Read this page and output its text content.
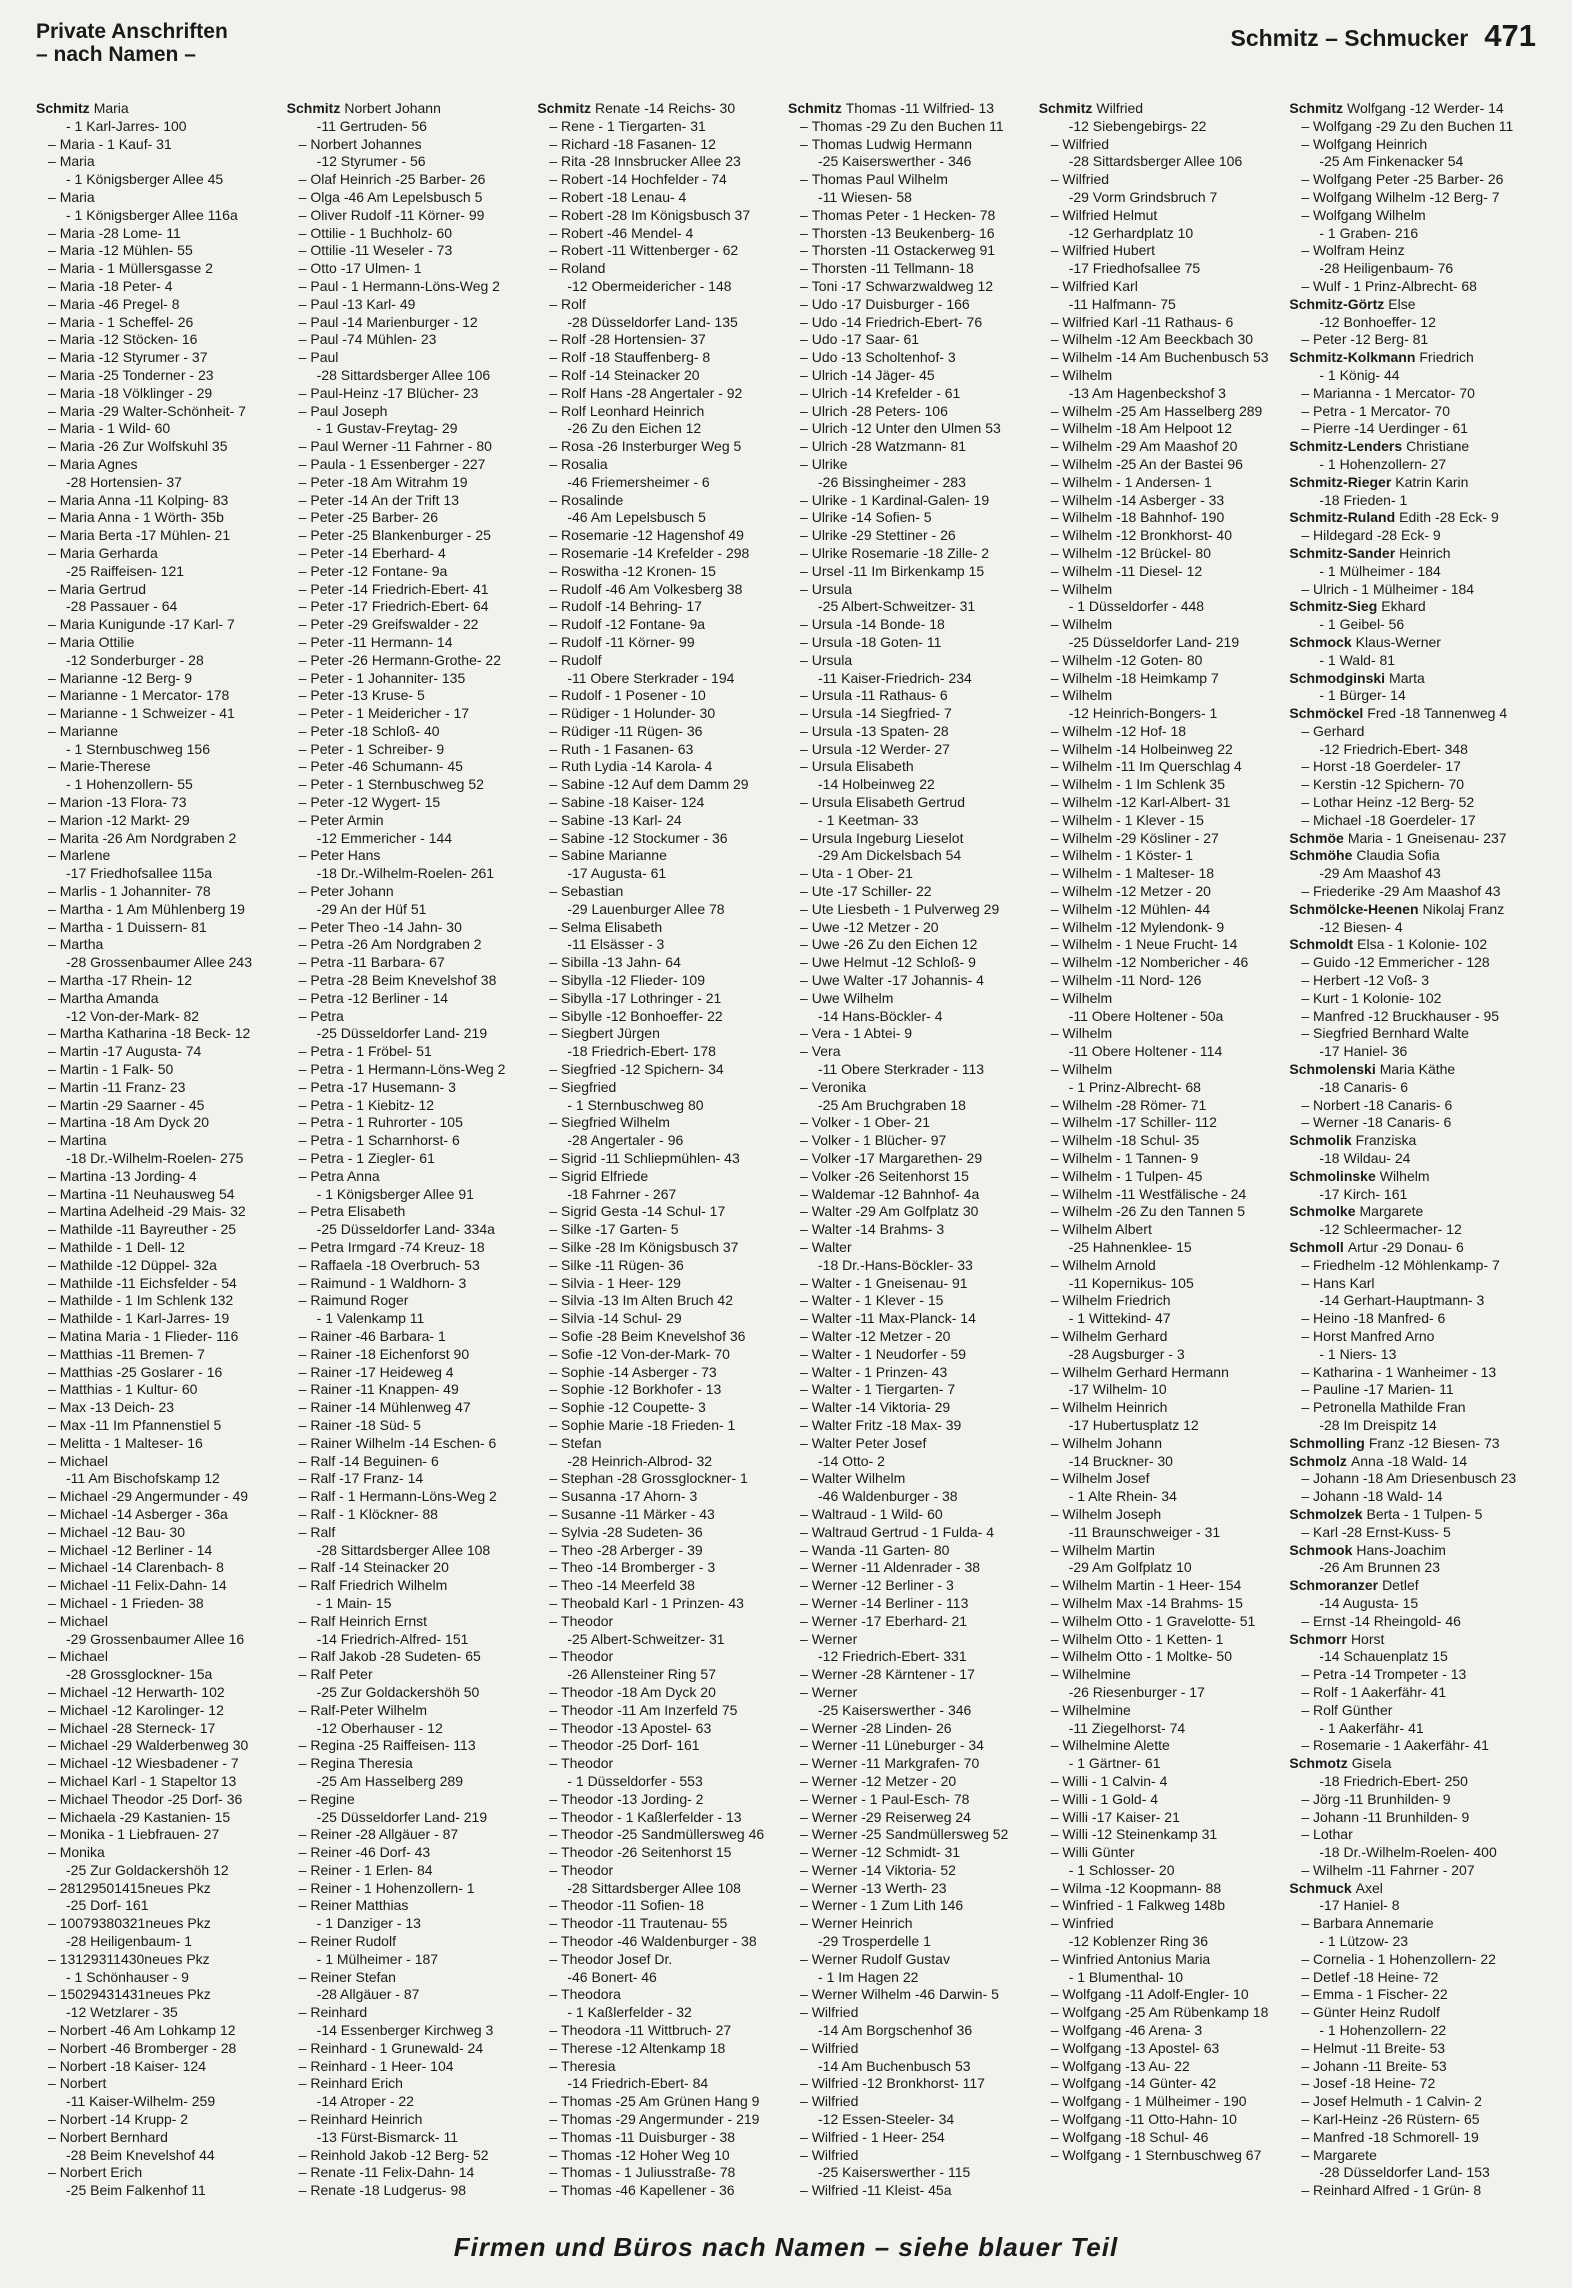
Private Anschriften
– nach Namen –
Schmitz – Schmucker 471
Schmitz Maria
- 1 Karl-Jarres- 100
– Maria - 1 Kauf- 31
– Maria
- 1 Königsberger Allee 45
– Maria
- 1 Königsberger Allee 116a
– Maria -28 Lome- 11
– Maria -12 Mühlen- 55
– Maria - 1 Müllersgasse 2
– Maria -18 Peter- 4
– Maria -46 Pregel- 8
– Maria - 1 Scheffel- 26
– Maria -12 Stöcken- 16
– Maria -12 Styrumer - 37
– Maria -25 Tonderner - 23
– Maria -18 Völklinger - 29
– Maria -29 Walter-Schönheit- 7
– Maria - 1 Wild- 60
– Maria -26 Zur Wolfskuhl 35
– Maria Agnes
-28 Hortensien- 37
– Maria Anna -11 Kolping- 83
– Maria Anna - 1 Wörth- 35b
– Maria Berta -17 Mühlen- 21
– Maria Gerharda
-25 Raiffeisen- 121
– Maria Gertrud
-28 Passauer - 64
– Maria Kunigunde -17 Karl- 7
– Maria Ottilie
-12 Sonderburger - 28
– Marianne -12 Berg- 9
– Marianne - 1 Mercator- 178
– Marianne - 1 Schweizer - 41
– Marianne
- 1 Sternbuschweg 156
– Marie-Therese
- 1 Hohenzollern- 55
– Marion -13 Flora- 73
– Marion -12 Markt- 29
– Marita -26 Am Nordgraben 2
– Marlene
-17 Friedhofsallee 115a
– Marlis - 1 Johanniter- 78
– Martha - 1 Am Mühlenberg 19
– Martha - 1 Duissern- 81
– Martha
-28 Grossenbaumer Allee 243
– Martha -17 Rhein- 12
– Martha Amanda
-12 Von-der-Mark- 82
– Martha Katharina -18 Beck- 12
– Martin -17 Augusta- 74
– Martin - 1 Falk- 50
– Martin -11 Franz- 23
– Martin -29 Saarner - 45
– Martina -18 Am Dyck 20
– Martina
-18 Dr.-Wilhelm-Roelen- 275
– Martina -13 Jording- 4
– Martina -11 Neuhausweg 54
– Martina Adelheid -29 Mais- 32
– Mathilde -11 Bayreuther - 25
– Mathilde - 1 Dell- 12
– Mathilde -12 Düppel- 32a
– Mathilde -11 Eichsfelder - 54
– Mathilde - 1 Im Schlenk 132
– Mathilde - 1 Karl-Jarres- 19
– Matina Maria - 1 Flieder- 116
– Matthias -11 Bremen- 7
– Matthias -25 Goslarer - 16
– Matthias - 1 Kultur- 60
– Max -13 Deich- 23
– Max -11 Im Pfannenstiel 5
– Melitta - 1 Malteser- 16
– Michael
-11 Am Bischofskamp 12
– Michael -29 Angermunder - 49
– Michael -14 Asberger - 36a
– Michael -12 Bau- 30
– Michael -12 Berliner - 14
– Michael -14 Clarenbach- 8
– Michael -11 Felix-Dahn- 14
– Michael - 1 Frieden- 38
– Michael
-29 Grossenbaumer Allee 16
– Michael
-28 Grossglockner- 15a
– Michael -12 Herwarth- 102
– Michael -12 Karolinger- 12
– Michael -28 Sterneck- 17
– Michael -29 Walderbenweg 30
– Michael -12 Wiesbadener - 7
– Michael Karl - 1 Stapeltor 13
– Michael Theodor -25 Dorf- 36
– Michaela -29 Kastanien- 15
– Monika - 1 Liebfrauen- 27
– Monika
-25 Zur Goldackershöh 12
– 28129501415neues Pkz
-25 Dorf- 161
– 10079380321neues Pkz
-28 Heiligenbaum- 1
– 13129311430neues Pkz
- 1 Schönhauser - 9
– 15029431431neues Pkz
-12 Wetzlarer - 35
– Norbert -46 Am Lohkamp 12
– Norbert -46 Bromberger - 28
– Norbert -18 Kaiser- 124
– Norbert
-11 Kaiser-Wilhelm- 259
– Norbert -14 Krupp- 2
– Norbert Bernhard
-28 Beim Knevelshof 44
– Norbert Erich
-25 Beim Falkenhof 11
–
Schmitz Norbert Johann
-11 Gertruden- 56
– Norbert Johannes
-12 Styrumer - 56
– Olaf Heinrich -25 Barber- 26
– Olga -46 Am Lepelsbusch 5
– Oliver Rudolf -11 Körner- 99
– Ottilie - 1 Buchholz- 60
– Ottilie -11 Weseler - 73
– Otto -17 Ulmen- 1
– Paul - 1 Hermann-Löns-Weg 2
– Paul -13 Karl- 49
– Paul -14 Marienburger - 12
– Paul -74 Mühlen- 23
– Paul
-28 Sittardsberger Allee 106
– Paul-Heinz -17 Blücher- 23
– Paul Joseph
- 1 Gustav-Freytag- 29
– Paul Werner -11 Fahrner - 80
– Paula - 1 Essenberger - 227
– Peter -18 Am Witrahm 19
– Peter -14 An der Trift 13
– Peter -25 Barber- 26
– Peter -25 Blankenburger - 25
– Peter -14 Eberhard- 4
– Peter -12 Fontane- 9a
– Peter -14 Friedrich-Ebert- 41
– Peter -17 Friedrich-Ebert- 64
– Peter -29 Greifswalder - 22
– Peter -11 Hermann- 14
– Peter -26 Hermann-Grothe- 22
– Peter - 1 Johanniter- 135
– Peter -13 Kruse- 5
– Peter - 1 Meidericher - 17
– Peter -18 Schloß- 40
– Peter - 1 Schreiber- 9
– Peter -46 Schumann- 45
– Peter - 1 Sternbuschweg 52
– Peter -12 Wygert- 15
– Peter Armin
-12 Emmericher - 144
– Peter Hans
-18 Dr.-Wilhelm-Roelen- 261
– Peter Johann
-29 An der Hüf 51
– Peter Theo -14 Jahn- 30
– Petra -26 Am Nordgraben 2
– Petra -11 Barbara- 67
– Petra -28 Beim Knevelshof 38
– Petra -12 Berliner - 14
– Petra
-25 Düsseldorfer Land- 219
– Petra - 1 Fröbel- 51
– Petra - 1 Hermann-Löns-Weg 2
– Petra -17 Husemann- 3
– Petra - 1 Kiebitz- 12
– Petra - 1 Ruhrorter - 105
– Petra - 1 Scharnhorst- 6
– Petra - 1 Ziegler- 61
– Petra Anna
- 1 Königsberger Allee 91
– Petra Elisabeth
-25 Düsseldorfer Land- 334a
– Petra Irmgard -74 Kreuz- 18
– Raffaela -18 Overbruch- 53
– Raimund - 1 Waldhorn- 3
– Raimund Roger
- 1 Valenkamp 11
– Rainer -46 Barbara- 1
– Rainer -18 Eichenforst 90
– Rainer -17 Heideweg 4
– Rainer -11 Knappen- 49
– Rainer -14 Mühlenweg 47
– Rainer -18 Süd- 5
– Rainer Wilhelm -14 Eschen- 6
– Ralf -14 Beguinen- 6
– Ralf -17 Franz- 14
– Ralf - 1 Hermann-Löns-Weg 2
– Ralf - 1 Klöckner- 88
– Ralf
-28 Sittardsberger Allee 108
– Ralf -14 Steinacker 20
– Ralf Friedrich Wilhelm
- 1 Main- 15
– Ralf Heinrich Ernst
-14 Friedrich-Alfred- 151
– Ralf Jakob -28 Sudeten- 65
– Ralf Peter
-25 Zur Goldackershöh 50
– Ralf-Peter Wilhelm
-12 Oberhauser - 12
– Regina -25 Raiffeisen- 113
– Regina Theresia
-25 Am Hasselberg 289
– Regine
-25 Düsseldorfer Land- 219
– Reiner -28 Allgäuer - 87
– Reiner -46 Dorf- 43
– Reiner - 1 Erlen- 84
– Reiner - 1 Hohenzollern- 1
– Reiner Matthias
- 1 Danziger - 13
– Reiner Rudolf
- 1 Mülheimer - 187
– Reiner Stefan
-28 Allgäuer - 87
– Reinhard
-14 Essenberger Kirchweg 3
– Reinhard - 1 Grunewald- 24
– Reinhard - 1 Heer- 104
– Reinhard Erich
-14 Atroper - 22
– Reinhard Heinrich
-13 Fürst-Bismarck- 11
– Reinhold Jakob -12 Berg- 52
– Renate -11 Felix-Dahn- 14
– Renate -18 Ludgerus- 98
–
Schmitz Renate -14 Reichs- 30
– Rene - 1 Tiergarten- 31
– Richard -18 Fasanen- 12
– Rita -28 Innsbrucker Allee 23
– Robert -14 Hochfelder - 74
– Robert -18 Lenau- 4
– Robert -28 Im Königsbusch 37
– Robert -46 Mendel- 4
– Robert -11 Wittenberger - 62
– Roland
-12 Obermeidericher - 148
– Rolf
-28 Düsseldorfer Land- 135
– Rolf -28 Hortensien- 37
– Rolf -18 Stauffenberg- 8
– Rolf -14 Steinacker 20
– Rolf Hans -28 Angertaler - 92
– Rolf Leonhard Heinrich
-26 Zu den Eichen 12
– Rosa -26 Insterburger Weg 5
– Rosalia
-46 Friemersheimer - 6
– Rosalinde
-46 Am Lepelsbusch 5
– Rosemarie -12 Hagenshof 49
– Rosemarie -14 Krefelder - 298
– Roswitha -12 Kronen- 15
– Rudolf -46 Am Volkesberg 38
– Rudolf -14 Behring- 17
– Rudolf -12 Fontane- 9a
– Rudolf -11 Körner- 99
– Rudolf
-11 Obere Sterkrader - 194
– Rudolf - 1 Posener - 10
– Rüdiger - 1 Holunder- 30
– Rüdiger -11 Rügen- 36
– Ruth - 1 Fasanen- 63
– Ruth Lydia -14 Karola- 4
– Sabine -12 Auf dem Damm 29
– Sabine -18 Kaiser- 124
– Sabine -13 Karl- 24
– Sabine -12 Stockumer - 36
– Sabine Marianne
-17 Augusta- 61
– Sebastian
-29 Lauenburger Allee 78
– Selma Elisabeth
-11 Elsässer - 3
– Sibilla -13 Jahn- 64
– Sibylla -12 Flieder- 109
– Sibylla -17 Lothringer - 21
– Sibylle -12 Bonhoeffer- 22
– Siegbert Jürgen
-18 Friedrich-Ebert- 178
– Siegfried -12 Spichern- 34
– Siegfried
- 1 Sternbuschweg 80
– Siegfried Wilhelm
-28 Angertaler - 96
– Sigrid -11 Schliepmühlen- 43
– Sigrid Elfriede
-18 Fahrner - 267
– Sigrid Gesta -14 Schul- 17
– Silke -17 Garten- 5
– Silke -28 Im Königsbusch 37
– Silke -11 Rügen- 36
– Silvia - 1 Heer- 129
– Silvia -13 Im Alten Bruch 42
– Silvia -14 Schul- 29
– Sofie -28 Beim Knevelshof 36
– Sofie -12 Von-der-Mark- 70
– Sophie -14 Asberger - 73
– Sophie -12 Borkhofer - 13
– Sophie -12 Coupette- 3
– Sophie Marie -18 Frieden- 1
– Stefan
-28 Heinrich-Albrod- 32
– Stephan -28 Grossglockner- 1
– Susanna -17 Ahorn- 3
– Susanne -11 Märker - 43
– Sylvia -28 Sudeten- 36
– Theo -28 Arberger - 39
– Theo -14 Bromberger - 3
– Theo -14 Meerfeld 38
– Theobald Karl - 1 Prinzen- 43
– Theodor
-25 Albert-Schweitzer- 31
– Theodor
-26 Allensteiner Ring 57
– Theodor -18 Am Dyck 20
– Theodor -11 Am Inzerfeld 75
– Theodor -13 Apostel- 63
– Theodor -25 Dorf- 161
– Theodor
- 1 Düsseldorfer - 553
– Theodor -13 Jording- 2
– Theodor - 1 Kaßlerfelder - 13
– Theodor -25 Sandmüllersweg 46
– Theodor -26 Seitenhorst 15
– Theodor
-28 Sittardsberger Allee 108
– Theodor -11 Sofien- 18
– Theodor -11 Trautenau- 55
– Theodor -46 Waldenburger - 38
– Theodor Josef Dr.
-46 Bonert- 46
– Theodora
- 1 Kaßlerfelder - 32
– Theodora -11 Wittbruch- 27
– Therese -12 Altenkamp 18
– Theresia
-14 Friedrich-Ebert- 84
– Thomas -25 Am Grünen Hang 9
– Thomas -29 Angermunder - 219
– Thomas -11 Duisburger - 38
– Thomas -12 Hoher Weg 10
– Thomas - 1 Juliusstraße- 78
– Thomas -46 Kapellener - 36
–
Schmitz Thomas -11 Wilfried- 13
– Thomas -29 Zu den Buchen 11
– Thomas Ludwig Hermann
-25 Kaiserswerther - 346
– Thomas Paul Wilhelm
-11 Wiesen- 58
– Thomas Peter - 1 Hecken- 78
– Thorsten -13 Beukenberg- 16
– Thorsten -11 Ostackerweg 91
– Thorsten -11 Tellmann- 18
– Toni -17 Schwarzwaldweg 12
– Udo -17 Duisburger - 166
– Udo -14 Friedrich-Ebert- 76
– Udo -17 Saar- 61
– Udo -13 Scholtenhof- 3
– Ulrich -14 Jäger- 45
– Ulrich -14 Krefelder - 61
– Ulrich -28 Peters- 106
– Ulrich -12 Unter den Ulmen 53
– Ulrich -28 Watzmann- 81
– Ulrike
-26 Bissingheimer - 283
– Ulrike - 1 Kardinal-Galen- 19
– Ulrike -14 Sofien- 5
– Ulrike -29 Stettiner - 26
– Ulrike Rosemarie -18 Zille- 2
– Ursel -11 Im Birkenkamp 15
– Ursula
-25 Albert-Schweitzer- 31
– Ursula -14 Bonde- 18
– Ursula -18 Goten- 11
– Ursula
-11 Kaiser-Friedrich- 234
– Ursula -11 Rathaus- 6
– Ursula -14 Siegfried- 7
– Ursula -13 Spaten- 28
– Ursula -12 Werder- 27
– Ursula Elisabeth
-14 Holbeinweg 22
– Ursula Elisabeth Gertrud
- 1 Keetman- 33
– Ursula Ingeburg Lieselot
-29 Am Dickelsbach 54
– Uta - 1 Ober- 21
– Ute -17 Schiller- 22
– Ute Liesbeth - 1 Pulverweg 29
– Uwe -12 Metzer - 20
– Uwe -26 Zu den Eichen 12
– Uwe Helmut -12 Schloß- 9
– Uwe Walter -17 Johannis- 4
– Uwe Wilhelm
-14 Hans-Böckler- 4
– Vera - 1 Abtei- 9
– Vera
-11 Obere Sterkrader - 113
– Veronika
-25 Am Bruchgraben 18
– Volker - 1 Ober- 21
– Volker - 1 Blücher- 97
– Volker -17 Margarethen- 29
– Volker -26 Seitenhorst 15
– Waldemar -12 Bahnhof- 4a
– Walter -29 Am Golfplatz 30
– Walter -14 Brahms- 3
– Walter
-18 Dr.-Hans-Böckler- 33
– Walter - 1 Gneisenau- 91
– Walter - 1 Klever - 15
– Walter -11 Max-Planck- 14
– Walter -12 Metzer - 20
– Walter - 1 Neudorfer - 59
– Walter - 1 Prinzen- 43
– Walter - 1 Tiergarten- 7
– Walter -14 Viktoria- 29
– Walter Fritz -18 Max- 39
– Walter Peter Josef
-14 Otto- 2
– Walter Wilhelm
-46 Waldenburger - 38
– Waltraud - 1 Wild- 60
– Waltraud Gertrud - 1 Fulda- 4
– Wanda -11 Garten- 80
– Werner -11 Aldenrader - 38
– Werner -12 Berliner - 3
– Werner -14 Berliner - 113
– Werner -17 Eberhard- 21
– Werner
-12 Friedrich-Ebert- 331
– Werner -28 Kärntener - 17
– Werner
-25 Kaiserswerther - 346
– Werner -28 Linden- 26
– Werner -11 Lüneburger - 34
– Werner -11 Markgrafen- 70
– Werner -12 Metzer - 20
– Werner - 1 Paul-Esch- 78
– Werner -29 Reiserweg 24
– Werner -25 Sandmüllersweg 52
– Werner -12 Schmidt- 31
– Werner -14 Viktoria- 52
– Werner -13 Werth- 23
– Werner - 1 Zum Lith 146
– Werner Heinrich
-29 Trosperdelle 1
– Werner Rudolf Gustav
- 1 Im Hagen 22
– Werner Wilhelm -46 Darwin- 5
– Wilfried
-14 Am Borgschenhof 36
– Wilfried
-14 Am Buchenbusch 53
– Wilfried -12 Bronkhorst- 117
– Wilfried
-12 Essen-Steeler- 34
– Wilfried - 1 Heer- 254
– Wilfried
-25 Kaiserswerther - 115
– Wilfried -11 Kleist- 45a
–
Schmitz Wilfried
-12 Siebengebirgs- 22
– Wilfried
-28 Sittardsberger Allee 106
– Wilfried
-29 Vorm Grindsbruch 7
– Wilfried Helmut
-12 Gerhardplatz 10
– Wilfried Hubert
-17 Friedhofsallee 75
– Wilfried Karl
-11 Halfmann- 75
– Wilfried Karl -11 Rathaus- 6
– Wilhelm -12 Am Beeckbach 30
– Wilhelm -14 Am Buchenbusch 53
– Wilhelm
-13 Am Hagenbeckshof 3
– Wilhelm -25 Am Hasselberg 289
– Wilhelm -18 Am Helpoot 12
– Wilhelm -29 Am Maashof 20
– Wilhelm -25 An der Bastei 96
– Wilhelm - 1 Andersen- 1
– Wilhelm -14 Asberger - 33
– Wilhelm -18 Bahnhof- 190
– Wilhelm -12 Bronkhorst- 40
– Wilhelm -12 Brückel- 80
– Wilhelm -11 Diesel- 12
– Wilhelm
- 1 Düsseldorfer - 448
– Wilhelm
-25 Düsseldorfer Land- 219
– Wilhelm -12 Goten- 80
– Wilhelm -18 Heimkamp 7
– Wilhelm
-12 Heinrich-Bongers- 1
– Wilhelm -12 Hof- 18
– Wilhelm -14 Holbeinweg 22
– Wilhelm -11 Im Querschlag 4
– Wilhelm - 1 Im Schlenk 35
– Wilhelm -12 Karl-Albert- 31
– Wilhelm - 1 Klever - 15
– Wilhelm -29 Kösliner - 27
– Wilhelm - 1 Köster- 1
– Wilhelm - 1 Malteser- 18
– Wilhelm -12 Metzer - 20
– Wilhelm -12 Mühlen- 44
– Wilhelm -12 Mylendonk- 9
– Wilhelm - 1 Neue Frucht- 14
– Wilhelm -12 Nombericher - 46
– Wilhelm -11 Nord- 126
– Wilhelm
-11 Obere Holtener - 50a
– Wilhelm
-11 Obere Holtener - 114
– Wilhelm
- 1 Prinz-Albrecht- 68
– Wilhelm -28 Römer- 71
– Wilhelm -17 Schiller- 112
– Wilhelm -18 Schul- 35
– Wilhelm - 1 Tannen- 9
– Wilhelm - 1 Tulpen- 45
– Wilhelm -11 Westfälische - 24
– Wilhelm -26 Zu den Tannen 5
– Wilhelm Albert
-25 Hahnenklee- 15
– Wilhelm Arnold
-11 Kopernikus- 105
– Wilhelm Friedrich
- 1 Wittekind- 47
– Wilhelm Gerhard
-28 Augsburger - 3
– Wilhelm Gerhard Hermann
-17 Wilhelm- 10
– Wilhelm Heinrich
-17 Hubertusplatz 12
– Wilhelm Johann
-14 Bruckner- 30
– Wilhelm Josef
- 1 Alte Rhein- 34
– Wilhelm Joseph
-11 Braunschweiger - 31
– Wilhelm Martin
-29 Am Golfplatz 10
– Wilhelm Martin - 1 Heer- 154
– Wilhelm Max -14 Brahms- 15
– Wilhelm Otto - 1 Gravelotte- 51
– Wilhelm Otto - 1 Ketten- 1
– Wilhelm Otto - 1 Moltke- 50
– Wilhelmine
-26 Riesenburger - 17
– Wilhelmine
-11 Ziegelhorst- 74
– Wilhelmine Alette
- 1 Gärtner- 61
– Willi - 1 Calvin- 4
– Willi - 1 Gold- 4
– Willi -17 Kaiser- 21
– Willi -12 Steinenkamp 31
– Willi Günter
- 1 Schlosser- 20
– Wilma -12 Koopmann- 88
– Winfried - 1 Falkweg 148b
– Winfried
-12 Koblenzer Ring 36
– Winfried Antonius Maria
- 1 Blumenthal- 10
– Wolfgang -11 Adolf-Engler- 10
– Wolfgang -25 Am Rübenkamp 18
– Wolfgang -46 Arena- 3
– Wolfgang -13 Apostel- 63
– Wolfgang -13 Au- 22
– Wolfgang -14 Günter- 42
– Wolfgang - 1 Mülheimer - 190
– Wolfgang -11 Otto-Hahn- 10
– Wolfgang -18 Schul- 46
– Wolfgang - 1 Sternbuschweg 67
Schmitz Wolfgang -12 Werder- 14
– Wolfgang -29 Zu den Buchen 11
– Wolfgang Heinrich
-25 Am Finkenacker 54
– Wolfgang Peter -25 Barber- 26
– Wolfgang Wilhelm -12 Berg- 7
– Wolfgang Wilhelm
- 1 Graben- 216
– Wolfram Heinz
-28 Heiligenbaum- 76
– Wulf - 1 Prinz-Albrecht- 68
Schmitz-Görtz Else
-12 Bonhoeffer- 12
– Peter -12 Berg- 81
Schmitz-Kolkmann Friedrich
- 1 König- 44
– Marianna - 1 Mercator- 70
– Petra - 1 Mercator- 70
– Pierre -14 Uerdinger - 61
Schmitz-Lenders Christiane
- 1 Hohenzollern- 27
Schmitz-Rieger Katrin Karin
-18 Frieden- 1
Schmitz-Ruland Edith -28 Eck- 9
– Hildegard -28 Eck- 9
Schmitz-Sander Heinrich
- 1 Mülheimer - 184
– Ulrich - 1 Mülheimer - 184
Schmitz-Sieg Ekhard
- 1 Geibel- 56
Schmock Klaus-Werner
- 1 Wald- 81
Schmodginski Marta
- 1 Bürger- 14
Schmöckel Fred -18 Tannenweg 4
– Gerhard
-12 Friedrich-Ebert- 348
– Horst -18 Goerdeler- 17
– Kerstin -12 Spichern- 70
– Lothar Heinz -12 Berg- 52
– Michael -18 Goerdeler- 17
Schmöe Maria - 1 Gneisenau- 237
Schmöhe Claudia Sofia
-29 Am Maashof 43
– Friederike -29 Am Maashof 43
Schmölcke-Heenen Nikolaj Franz
-12 Biesen- 4
Schmoldt Elsa - 1 Kolonie- 102
– Guido -12 Emmericher - 128
– Herbert -12 Voß- 3
– Kurt - 1 Kolonie- 102
– Manfred -12 Bruckhauser - 95
– Siegfried Bernhard Walte
-17 Haniel- 36
Schmolenski Maria Käthe
-18 Canaris- 6
– Norbert -18 Canaris- 6
– Werner -18 Canaris- 6
Schmolik Franziska
-18 Wildau- 24
Schmolinske Wilhelm
-17 Kirch- 161
Schmolke Margarete
-12 Schleermacher- 12
Schmoll Artur -29 Donau- 6
– Friedhelm -12 Möhlenkamp- 7
– Hans Karl
-14 Gerhart-Hauptmann- 3
– Heino -18 Manfred- 6
– Horst Manfred Arno
- 1 Niers- 13
– Katharina - 1 Wanheimer - 13
– Pauline -17 Marien- 11
– Petronella Mathilde Fran
-28 Im Dreispitz 14
Schmolling Franz -12 Biesen- 73
Schmolz Anna -18 Wald- 14
– Johann -18 Am Driesenbusch 23
– Johann -18 Wald- 14
Schmolzek Berta - 1 Tulpen- 5
– Karl -28 Ernst-Kuss- 5
Schmook Hans-Joachim
-26 Am Brunnen 23
Schmoranzer Detlef
-14 Augusta- 15
– Ernst -14 Rheingold- 46
Schmorr Horst
-14 Schauenplatz 15
– Petra -14 Trompeter - 13
– Rolf - 1 Aakerfähr- 41
– Rolf Günther
- 1 Aakerfähr- 41
– Rosemarie - 1 Aakerfähr- 41
Schmotz Gisela
-18 Friedrich-Ebert- 250
– Jörg -11 Brunhilden- 9
– Johann -11 Brunhilden- 9
– Lothar
-18 Dr.-Wilhelm-Roelen- 400
– Wilhelm -11 Fahrner - 207
Schmuck Axel
-17 Haniel- 8
– Barbara Annemarie
- 1 Lützow- 23
– Cornelia - 1 Hohenzollern- 22
– Detlef -18 Heine- 72
– Emma - 1 Fischer- 22
– Günter Heinz Rudolf
- 1 Hohenzollern- 22
– Helmut -11 Breite- 53
– Johann -11 Breite- 53
– Josef -18 Heine- 72
– Josef Helmuth - 1 Calvin- 2
– Karl-Heinz -26 Rüstern- 65
– Manfred -18 Schmorell- 19
– Margarete
-28 Düsseldorfer Land- 153
– Reinhard Alfred - 1 Grün- 8
Firmen und Büros nach Namen – siehe blauer Teil
